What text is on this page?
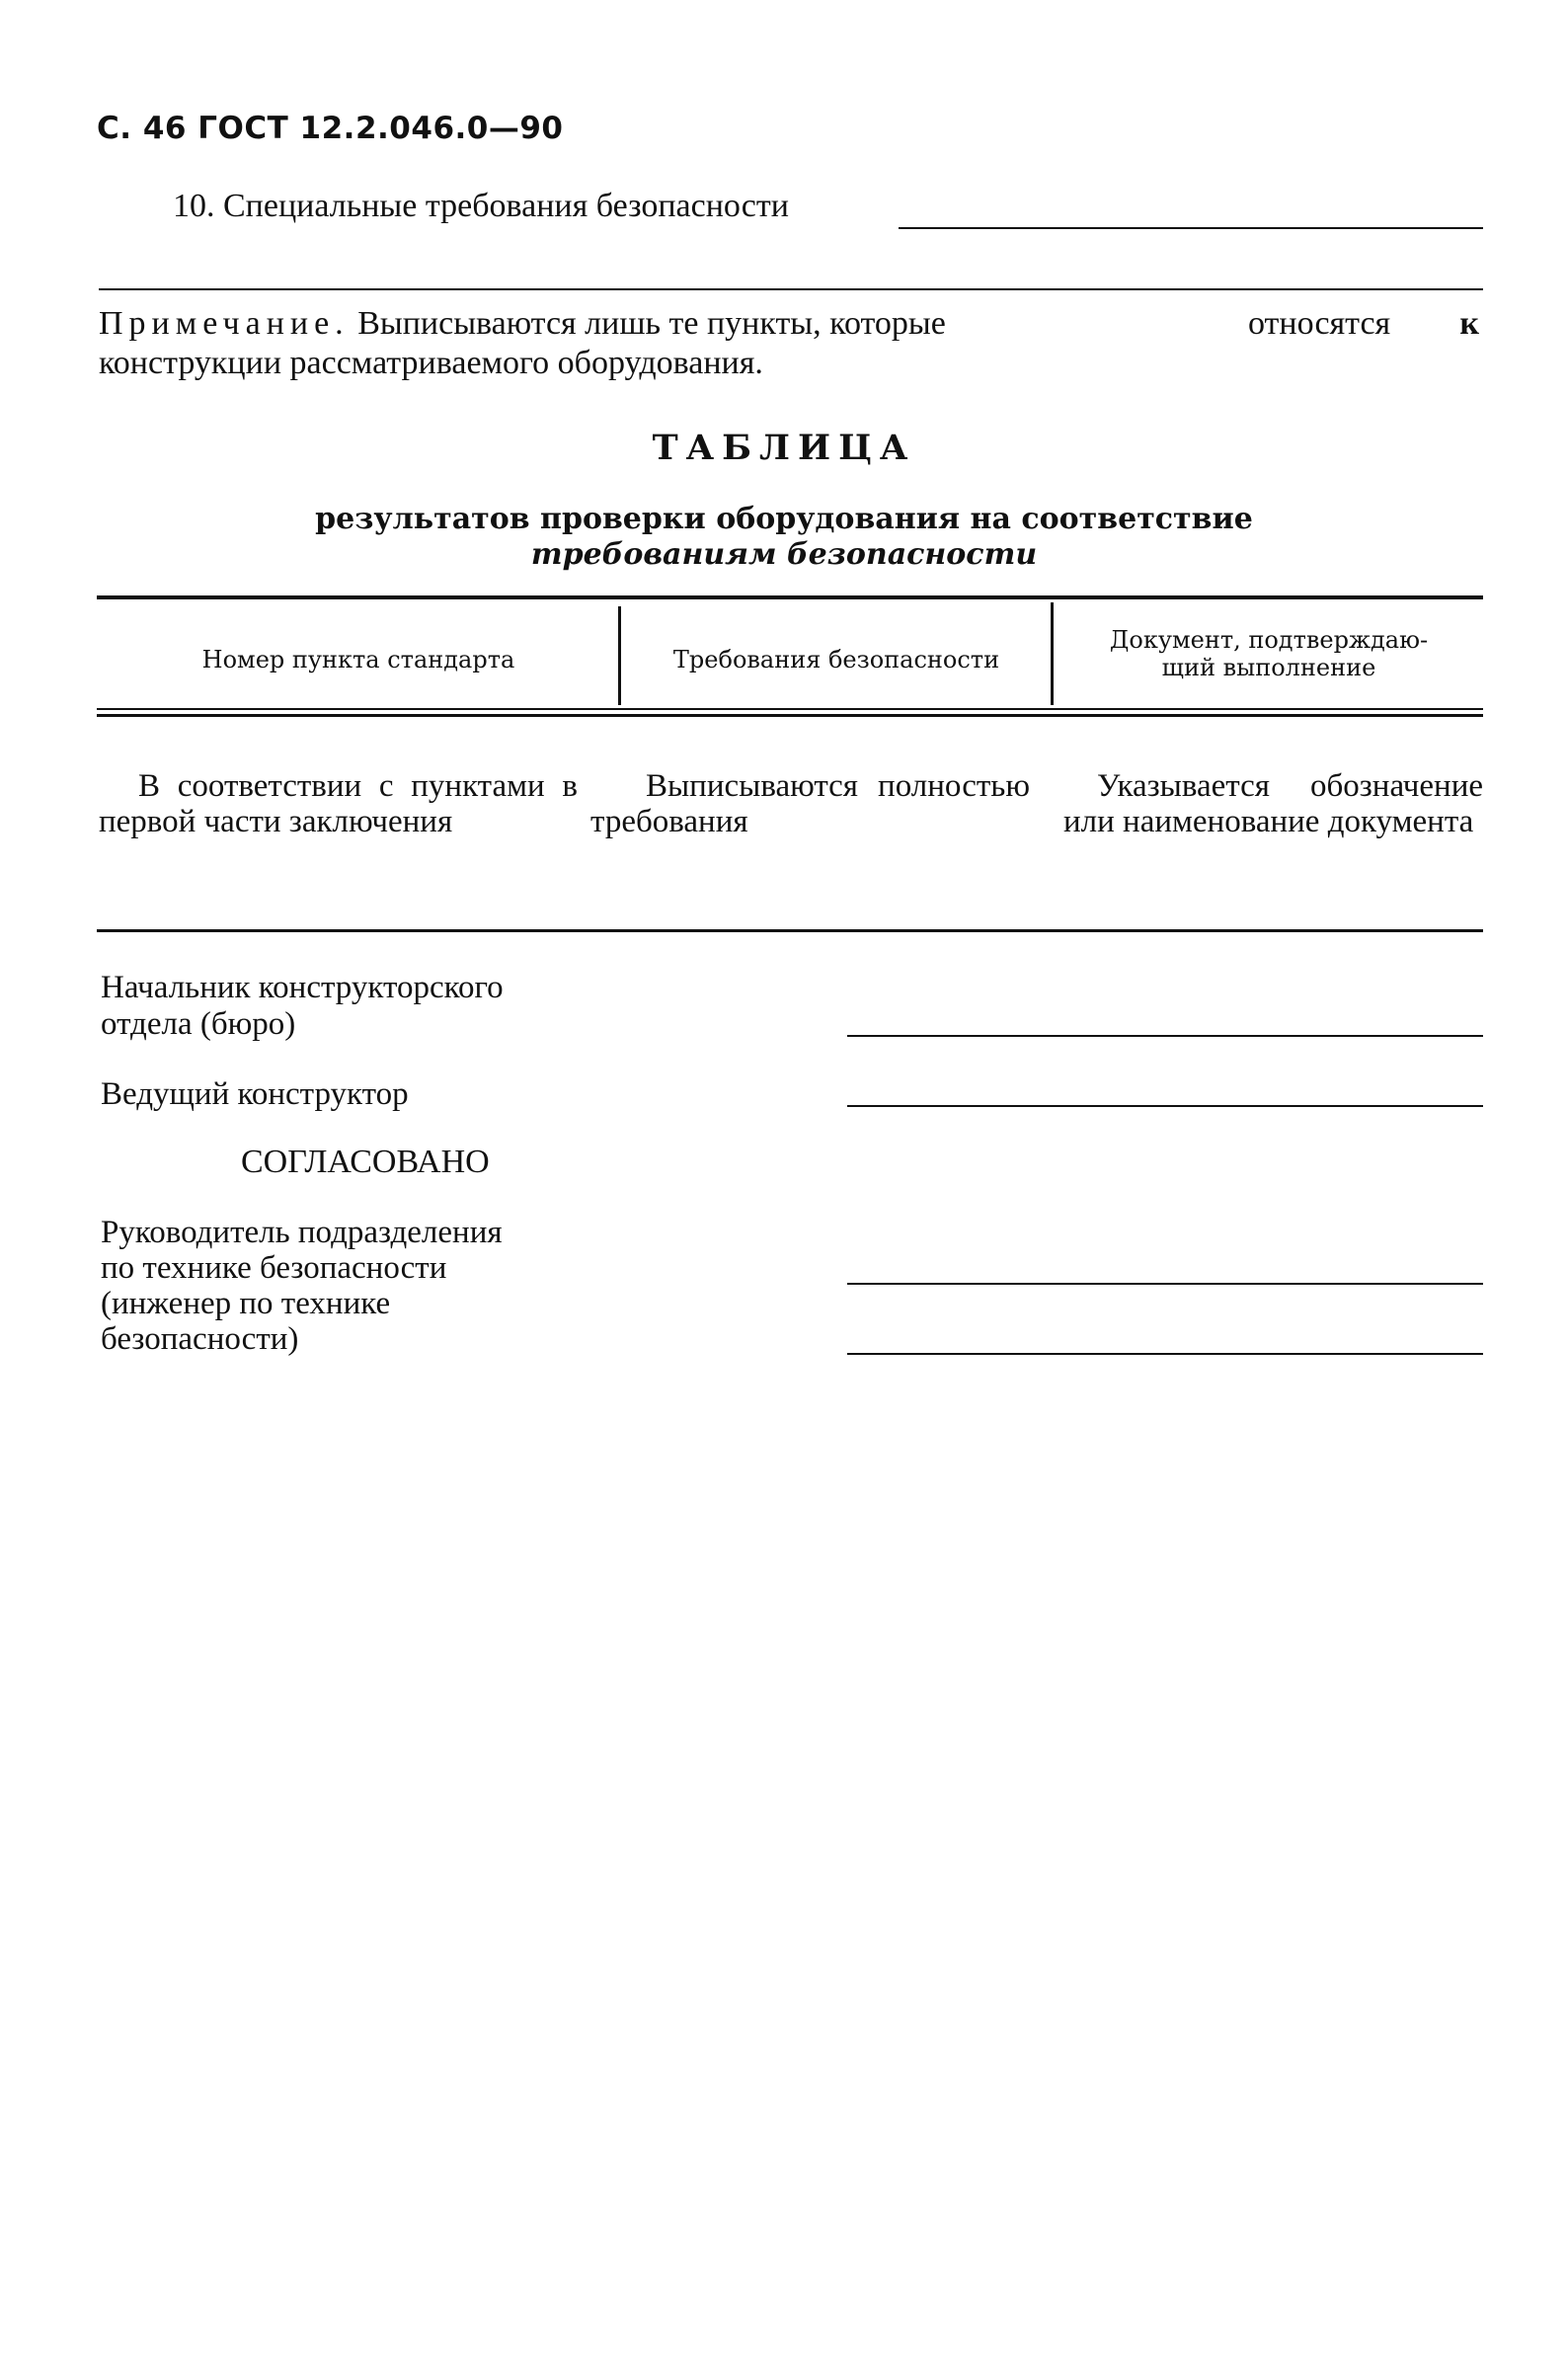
С. 46 ГОСТ 12.2.046.0—90
10. Специальные требования безопасности
Примечание. Выписываются лишь те пункты, которые	относятся к
конструкции рассматриваемого оборудования.
ТАБЛИЦА
результатов проверки оборудования на соответствие
требованиям безопасности
Номер пункта стандарта	Требования безопасности
Документ, подтверждаю-
щий выполнение
В соответствии с пунктами в первой части заключения
Выписываются полностью требования
Указывается обозначение или наименование документа
Начальник конструкторского
отдела (бюро)
Ведущий конструктор
СОГЛАСОВАНО
Руководитель подразделения
по технике безопасности
(инженер по технике
безопасности)
